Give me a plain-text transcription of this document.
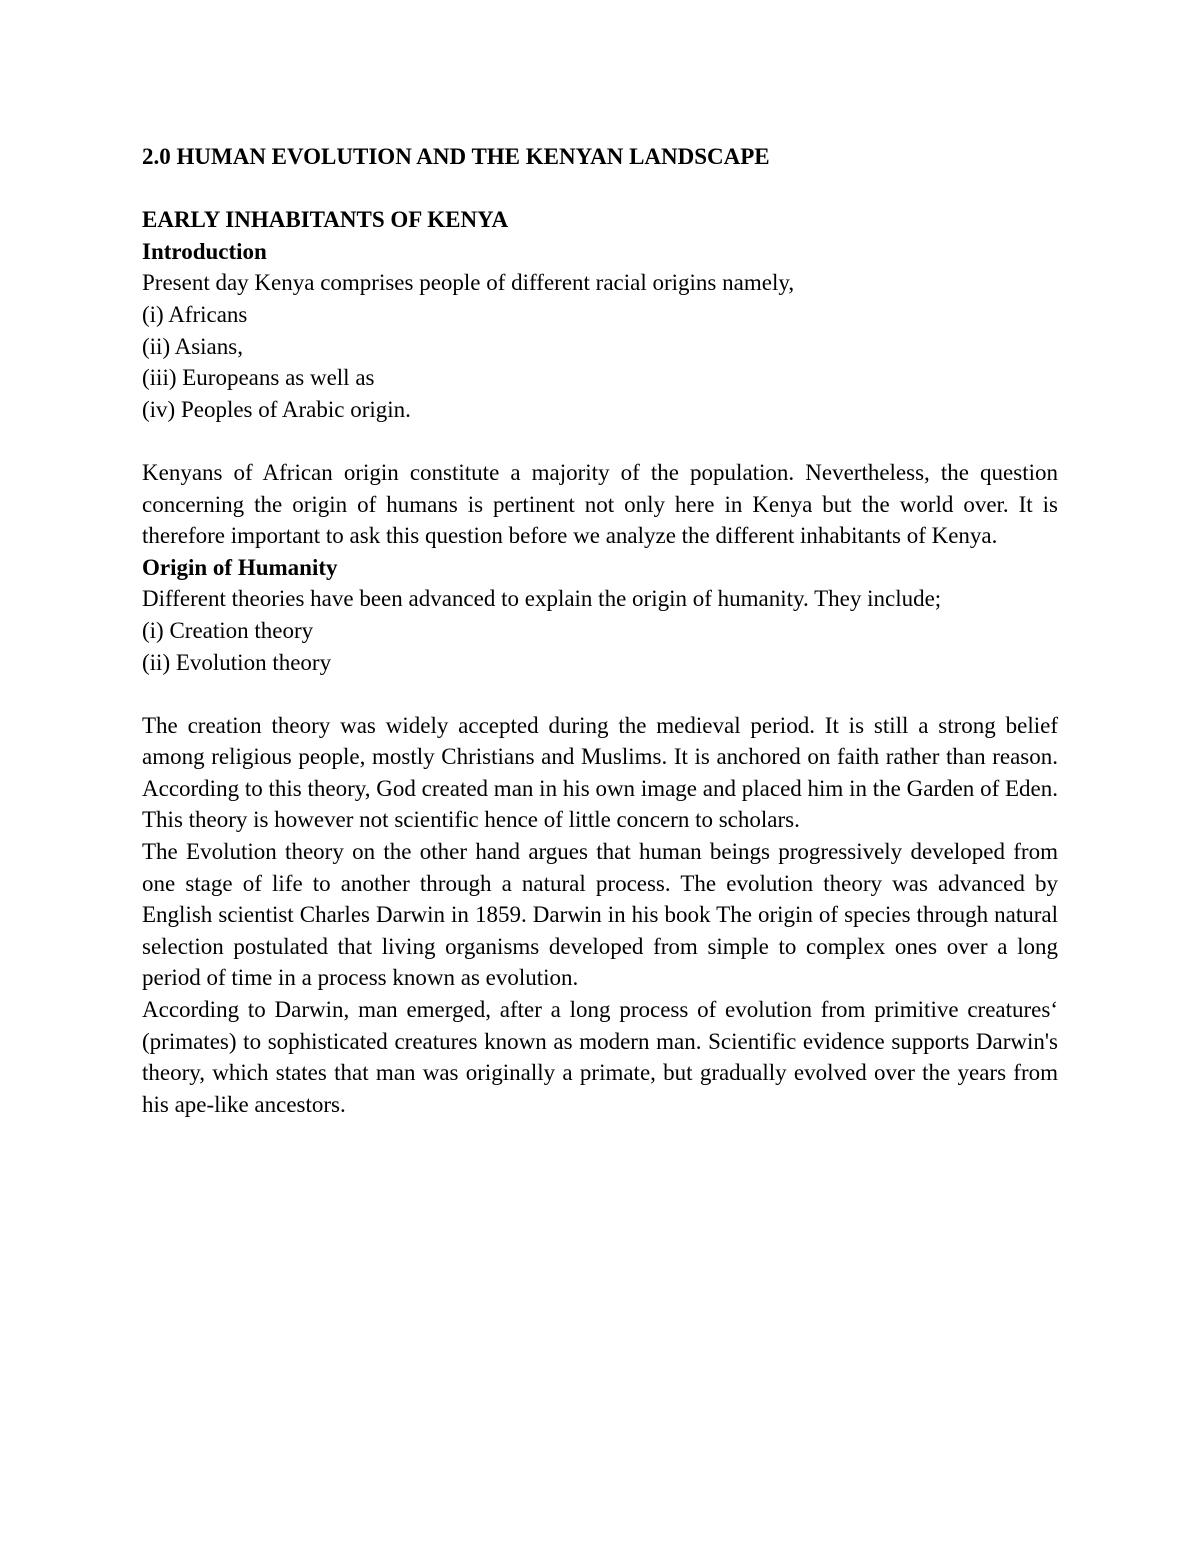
2.0 HUMAN EVOLUTION AND THE KENYAN LANDSCAPE

EARLY INHABITANTS OF KENYA

Introduction

Present day Kenya comprises people of different racial origins namely,

(i) Africans

(ii) Asians,

(iii) Europeans as well as

(iv) Peoples of Arabic origin.

Kenyans of African origin constitute a majority of the population. Nevertheless, the question concerning the origin of humans is pertinent not only here in Kenya but the world over. It is therefore important to ask this question before we analyze the different inhabitants of Kenya.

Origin of Humanity

Different theories have been advanced to explain the origin of humanity. They include;

(i) Creation theory

(ii) Evolution theory

The creation theory was widely accepted during the medieval period. It is still a strong belief among religious people, mostly Christians and Muslims. It is anchored on faith rather than reason. According to this theory, God created man in his own image and placed him in the Garden of Eden. This theory is however not scientific hence of little concern to scholars.

The Evolution theory on the other hand argues that human beings progressively developed from one stage of life to another through a natural process. The evolution theory was advanced by English scientist Charles Darwin in 1859. Darwin in his book The origin of species through natural selection postulated that living organisms developed from simple to complex ones over a long period of time in a process known as evolution.

According to Darwin, man emerged, after a long process of evolution from primitive creatures‘ (primates) to sophisticated creatures known as modern man. Scientific evidence supports Darwin's theory, which states that man was originally a primate, but gradually evolved over the years from his ape-like ancestors.
